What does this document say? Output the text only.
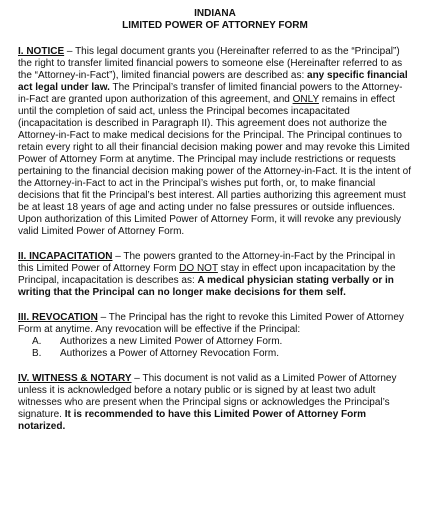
INDIANA
LIMITED POWER OF ATTORNEY FORM
I. NOTICE – This legal document grants you (Hereinafter referred to as the “Principal”) the right to transfer limited financial powers to someone else (Hereinafter referred to as the “Attorney-in-Fact”), limited financial powers are described as: any specific financial act legal under law. The Principal’s transfer of limited financial powers to the Attorney-in-Fact are granted upon authorization of this agreement, and ONLY remains in effect until the completion of said act, unless the Principal becomes incapacitated (incapacitation is described in Paragraph II). This agreement does not authorize the Attorney-in-Fact to make medical decisions for the Principal. The Principal continues to retain every right to all their financial decision making power and may revoke this Limited Power of Attorney Form at anytime. The Principal may include restrictions or requests pertaining to the financial decision making power of the Attorney-in-Fact. It is the intent of the Attorney-in-Fact to act in the Principal’s wishes put forth, or, to make financial decisions that fit the Principal’s best interest. All parties authorizing this agreement must be at least 18 years of age and acting under no false pressures or outside influences. Upon authorization of this Limited Power of Attorney Form, it will revoke any previously valid Limited Power of Attorney Form.
II. INCAPACITATION – The powers granted to the Attorney-in-Fact by the Principal in this Limited Power of Attorney Form DO NOT stay in effect upon incapacitation by the Principal, incapacitation is describes as: A medical physician stating verbally or in writing that the Principal can no longer make decisions for them self.
III. REVOCATION – The Principal has the right to revoke this Limited Power of Attorney Form at anytime. Any revocation will be effective if the Principal:
A.	Authorizes a new Limited Power of Attorney Form.
B.	Authorizes a Power of Attorney Revocation Form.
IV. WITNESS & NOTARY – This document is not valid as a Limited Power of Attorney unless it is acknowledged before a notary public or is signed by at least two adult witnesses who are present when the Principal signs or acknowledges the Principal’s signature. It is recommended to have this Limited Power of Attorney Form notarized.
